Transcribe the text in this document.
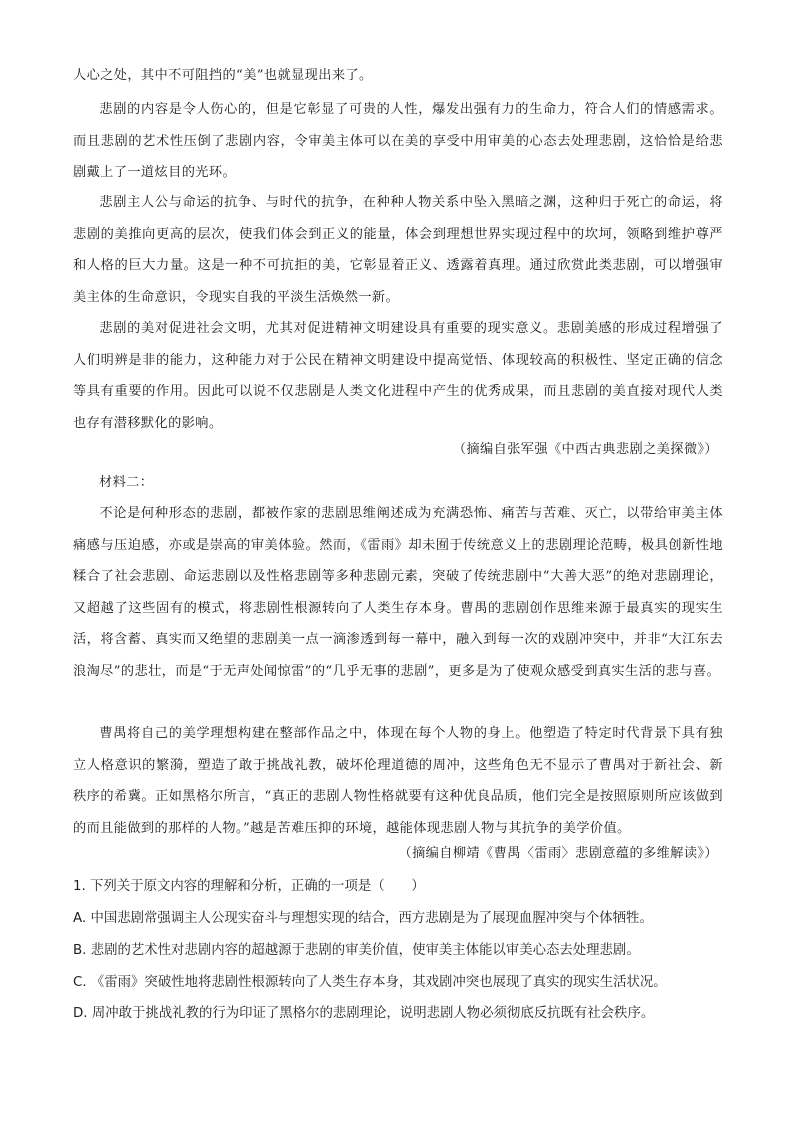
人心之处，其中不可阻挡的“美”也就显现出来了。

悲剧的内容是令人伤心的，但是它彰显了可贵的人性，爆发出强有力的生命力，符合人们的情感需求。而且悲剧的艺术性压倒了悲剧内容，令审美主体可以在美的享受中用审美的心态去处理悲剧，这恰恰是给悲剧戴上了一道炫目的光环。

悲剧主人公与命运的抗争、与时代的抗争，在种种人物关系中坠入黑暗之渊，这种归于死亡的命运，将悲剧的美推向更高的层次，使我们体会到正义的能量，体会到理想世界实现过程中的坎坷，领略到维护尊严和人格的巨大力量。这是一种不可抗拒的美，它彰显着正义、透露着真理。通过欣赏此类悲剧，可以增强审美主体的生命意识，令现实自我的平淡生活焕然一新。

悲剧的美对促进社会文明，尤其对促进精神文明建设具有重要的现实意义。悲剧美感的形成过程增强了人们明辨是非的能力，这种能力对于公民在精神文明建设中提高觉悟、体现较高的积极性、坚定正确的信念等具有重要的作用。因此可以说不仅悲剧是人类文化进程中产生的优秀成果，而且悲剧的美直接对现代人类也存有潜移默化的影响。

（摘编自张军强《中西古典悲剧之美探微》）
材料二：

不论是何种形态的悲剧，都被作家的悲剧思维阐述成为充满恐怖、痛苦与苦难、灭亡，以带给审美主体痛感与压迫感，亦或是崇高的审美体验。然而，《雷雨》却未囿于传统意义上的悲剧理论范畴，极具创新性地糅合了社会悲剧、命运悲剧以及性格悲剧等多种悲剧元素，突破了传统悲剧中“大善大恶”的绝对悲剧理论，又超越了这些固有的模式，将悲剧性根源转向了人类生存本身。曹禺的悲剧创作思维来源于最真实的现实生活，将含蓄、真实而又绝望的悲剧美一点一滴渗透到每一幕中，融入到每一次的戏剧冲突中，并非“大江东去浪淘尽”的悲壮，而是“于无声处闻惊雷”的“几乎无事的悲剧”，更多是为了使观众感受到真实生活的悲与喜。

曹禺将自己的美学理想构建在整部作品之中，体现在每个人物的身上。他塑造了特定时代背景下具有独立人格意识的繁漪，塑造了敢于挑战礼教，破坏伦理道德的周冲，这些角色无不显示了曹禺对于新社会、新秩序的希冀。正如黑格尔所言，“真正的悲剧人物性格就要有这种优良品质，他们完全是按照原则所应该做到的而且能做到的那样的人物。”越是苦难压抑的环境，越能体现悲剧人物与其抗争的美学价值。

（摘编自柳靖《曹禺〈雷雨〉悲剧意蕴的多维解读》）
1. 下列关于原文内容的理解和分析，正确的一项是（　　）
A. 中国悲剧常强调主人公现实奋斗与理想实现的结合，西方悲剧是为了展现血腥冲突与个体牺牲。
B. 悲剧的艺术性对悲剧内容的超越源于悲剧的审美价值，使审美主体能以审美心态去处理悲剧。
C. 《雷雨》突破性地将悲剧性根源转向了人类生存本身，其戏剧冲突也展现了真实的现实生活状况。
D. 周冲敢于挑战礼教的行为印证了黑格尔的悲剧理论，说明悲剧人物必须彻底反抗既有社会秩序。
